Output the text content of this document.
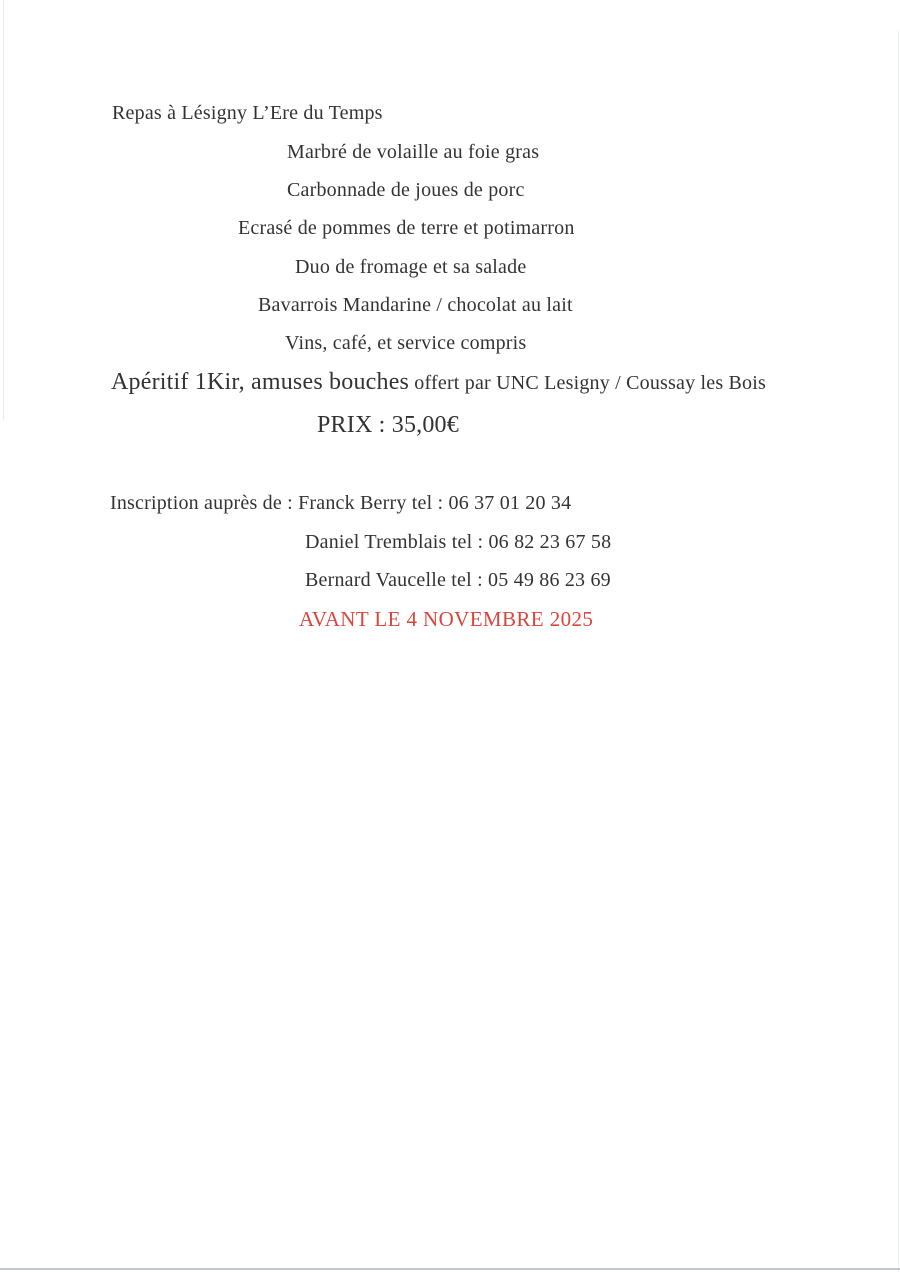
Repas à Lésigny L’Ere du Temps
Marbré de volaille au foie gras
Carbonnade de joues de porc
Ecrasé de pommes de terre et potimarron
Duo de fromage et sa salade
Bavarrois Mandarine / chocolat au lait
Vins, café, et service compris
Apéritif 1Kir, amuses bouches offert par UNC Lesigny / Coussay les Bois
PRIX : 35,00€
Inscription auprès de : Franck Berry tel : 06 37 01 20 34
Daniel Tremblais tel : 06 82 23 67 58
Bernard Vaucelle tel : 05 49 86 23 69
AVANT LE 4 NOVEMBRE 2025
